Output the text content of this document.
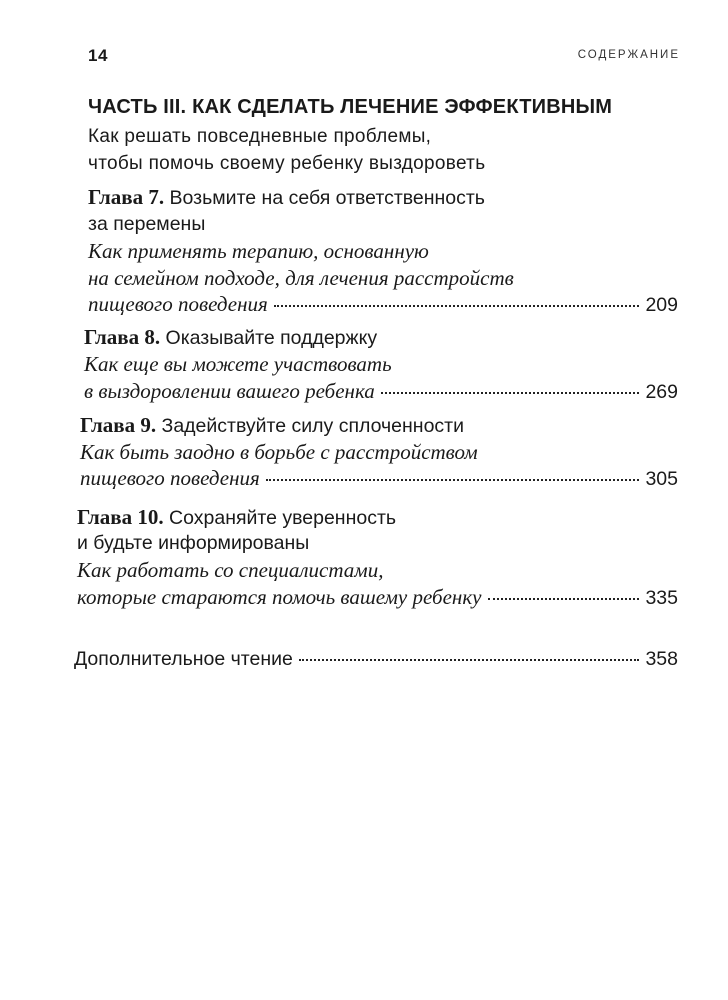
14	СОДЕРЖАНИЕ
ЧАСТЬ III. КАК СДЕЛАТЬ ЛЕЧЕНИЕ ЭФФЕКТИВНЫМ
Как решать повседневные проблемы,
чтобы помочь своему ребенку выздороветь
Глава 7. Возьмите на себя ответственность
за перемены
Как применять терапию, основанную
на семейном подходе, для лечения расстройств
пищевого поведения	209
Глава 8. Оказывайте поддержку
Как еще вы можете участвовать
в выздоровлении вашего ребенка	269
Глава 9. Задействуйте силу сплоченности
Как быть заодно в борьбе с расстройством
пищевого поведения	305
Глава 10. Сохраняйте уверенность
и будьте информированы
Как работать со специалистами,
которые стараются помочь вашему ребенку	335
Дополнительное чтение	358
